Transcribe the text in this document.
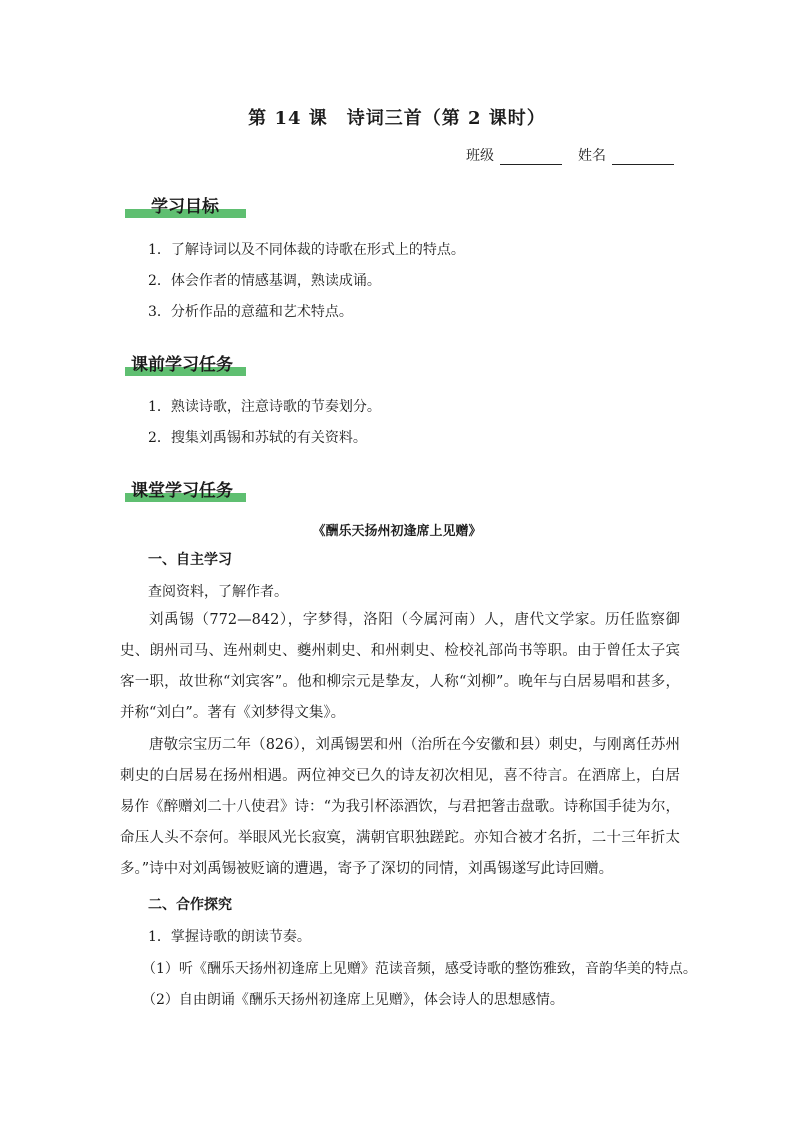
第 14 课　诗词三首（第 2 课时）
班级	姓名
学习目标
1．了解诗词以及不同体裁的诗歌在形式上的特点。
2．体会作者的情感基调，熟读成诵。
3．分析作品的意蕴和艺术特点。
课前学习任务
1．熟读诗歌，注意诗歌的节奏划分。
2．搜集刘禹锡和苏轼的有关资料。
课堂学习任务
《酬乐天扬州初逢席上见赠》
一、自主学习
查阅资料，了解作者。
刘禹锡（772—842），字梦得，洛阳（今属河南）人，唐代文学家。历任监察御史、朗州司马、连州刺史、夔州刺史、和州刺史、检校礼部尚书等职。由于曾任太子宾客一职，故世称“刘宾客”。他和柳宗元是挚友，人称“刘柳”。晚年与白居易唱和甚多，并称“刘白”。著有《刘梦得文集》。
唐敬宗宝历二年（826），刘禹锡罢和州（治所在今安徽和县）刺史，与刚离任苏州刺史的白居易在扬州相遇。两位神交已久的诗友初次相见，喜不待言。在酒席上，白居易作《醉赠刘二十八使君》诗：“为我引杯添酒饮，与君把箸击盘歌。诗称国手徒为尔，命压人头不奈何。举眼风光长寂寞，满朝官职独蹉跎。亦知合被才名折，二十三年折太多。”诗中对刘禹锡被贬谪的遭遇，寄予了深切的同情，刘禹锡遂写此诗回赠。
二、合作探究
1．掌握诗歌的朗读节奏。
（1）听《酬乐天扬州初逢席上见赠》范读音频，感受诗歌的整饬雅致，音韵华美的特点。
（2）自由朗诵《酬乐天扬州初逢席上见赠》，体会诗人的思想感情。
